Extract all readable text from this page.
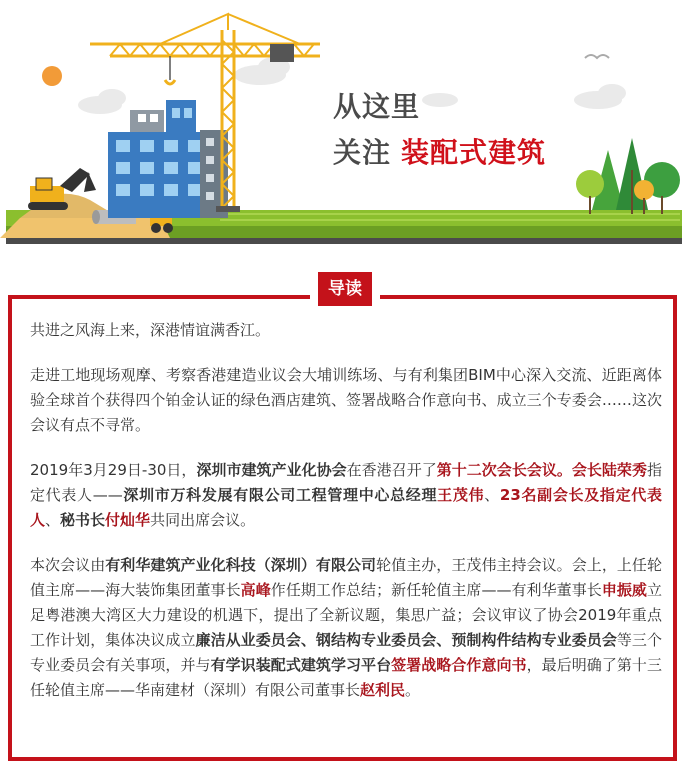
从这里
关注 装配式建筑
导读

共进之风海上来，深港情谊满香江。

走进工地现场观摩、考察香港建造业议会大埔训练场、与有利集团BIM中心深入交流、近距离体验全球首个获得四个铂金认证的绿色酒店建筑、签署战略合作意向书、成立三个专委会……这次会议有点不寻常。

2019年3月29日-30日，深圳市建筑产业化协会在香港召开了第十二次会长会议。会长陆荣秀指定代表人——深圳市万科发展有限公司工程管理中心总经理王茂伟、23名副会长及指定代表人、秘书长付灿华共同出席会议。

本次会议由有利华建筑产业化科技（深圳）有限公司轮值主办，王茂伟主持会议。会上，上任轮值主席——海大装饰集团董事长高峰作任期工作总结；新任轮值主席——有利华董事长申振威立足粤港澳大湾区大力建设的机遇下，提出了全新议题，集思广益；会议审议了协会2019年重点工作计划，集体决议成立廉洁从业委员会、钢结构专业委员会、预制构件结构专业委员会等三个专业委员会有关事项，并与有学识装配式建筑学习平台签署战略合作意向书，最后明确了第十三任轮值主席——华南建材（深圳）有限公司董事长赵利民。
